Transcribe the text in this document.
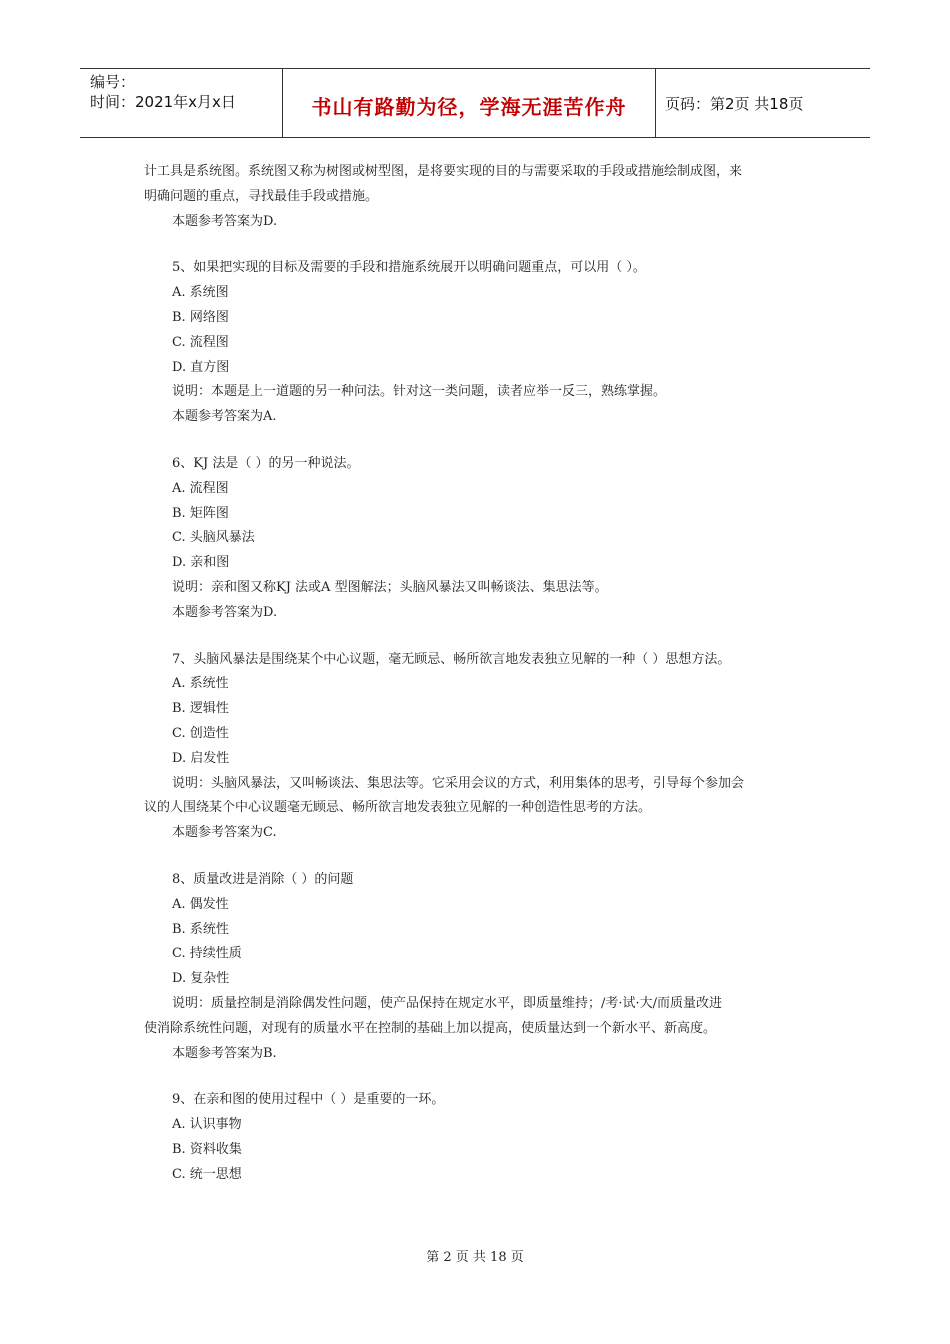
编号：
时间：2021年x月x日	书山有路勤为径，学海无涯苦作舟	页码：第2页 共18页

计工具是系统图。系统图又称为树图或树型图，是将要实现的目的与需要采取的手段或措施绘制成图，来

明确问题的重点，寻找最佳手段或措施。

本题参考答案为D.

5、如果把实现的目标及需要的手段和措施系统展开以明确问题重点，可以用（ ）。

A. 系统图

B. 网络图

C. 流程图

D. 直方图

说明：本题是上一道题的另一种问法。针对这一类问题，读者应举一反三，熟练掌握。

本题参考答案为A.

6、KJ 法是（ ）的另一种说法。

A. 流程图

B. 矩阵图

C. 头脑风暴法

D. 亲和图

说明：亲和图又称KJ 法或A 型图解法；头脑风暴法又叫畅谈法、集思法等。

本题参考答案为D.

7、头脑风暴法是围绕某个中心议题，毫无顾忌、畅所欲言地发表独立见解的一种（ ）思想方法。

A. 系统性

B. 逻辑性

C. 创造性

D. 启发性

说明：头脑风暴法，又叫畅谈法、集思法等。它采用会议的方式，利用集体的思考，引导每个参加会

议的人围绕某个中心议题毫无顾忌、畅所欲言地发表独立见解的一种创造性思考的方法。

本题参考答案为C.

8、质量改进是消除（ ）的问题

A. 偶发性

B. 系统性

C. 持续性质

D. 复杂性

说明：质量控制是消除偶发性问题，使产品保持在规定水平，即质量维持；/考·试·大/而质量改进

使消除系统性问题，对现有的质量水平在控制的基础上加以提高，使质量达到一个新水平、新高度。

本题参考答案为B.

9、在亲和图的使用过程中（ ）是重要的一环。

A. 认识事物

B. 资料收集

C. 统一思想

第 2 页 共 18 页
